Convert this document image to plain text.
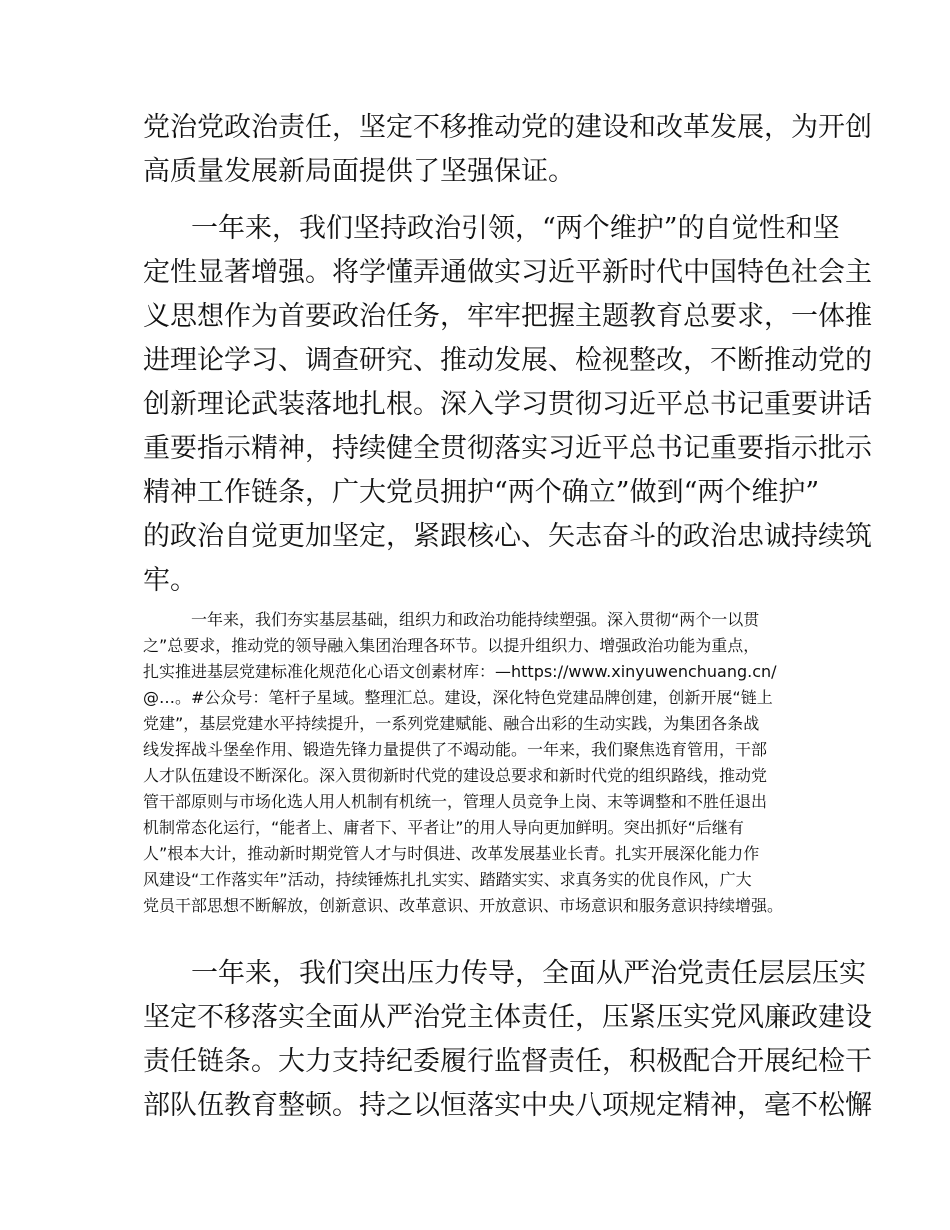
党治党政治责任，坚定不移推动党的建设和改革发展，为开创
高质量发展新局面提供了坚强保证。
一年来，我们坚持政治引领，“两个维护”的自觉性和坚
定性显著增强。将学懂弄通做实习近平新时代中国特色社会主
义思想作为首要政治任务，牢牢把握主题教育总要求，一体推
进理论学习、调查研究、推动发展、检视整改，不断推动党的
创新理论武装落地扎根。深入学习贯彻习近平总书记重要讲话
重要指示精神，持续健全贯彻落实习近平总书记重要指示批示
精神工作链条，广大党员拥护“两个确立”做到“两个维护”
的政治自觉更加坚定，紧跟核心、矢志奋斗的政治忠诚持续筑
牢。
一年来，我们夯实基层基础，组织力和政治功能持续塑强。深入贯彻“两个一以贯
之”总要求，推动党的领导融入集团治理各环节。以提升组织力、增强政治功能为重点，
扎实推进基层党建标准化规范化心语文创素材库：—https://www.xinyuwenchuang.cn/
@…。#公众号：笔杆子星域。整理汇总。建设，深化特色党建品牌创建，创新开展“链上
党建”，基层党建水平持续提升，一系列党建赋能、融合出彩的生动实践，为集团各条战
线发挥战斗堡垒作用、锻造先锋力量提供了不竭动能。一年来，我们聚焦选育管用，干部
人才队伍建设不断深化。深入贯彻新时代党的建设总要求和新时代党的组织路线，推动党
管干部原则与市场化选人用人机制有机统一，管理人员竞争上岗、末等调整和不胜任退出
机制常态化运行，“能者上、庸者下、平者让”的用人导向更加鲜明。突出抓好“后继有
人”根本大计，推动新时期党管人才与时俱进、改革发展基业长青。扎实开展深化能力作
风建设“工作落实年”活动，持续锤炼扎扎实实、踏踏实实、求真务实的优良作风，广大
党员干部思想不断解放，创新意识、改革意识、开放意识、市场意识和服务意识持续增强。
一年来，我们突出压力传导，全面从严治党责任层层压实
坚定不移落实全面从严治党主体责任，压紧压实党风廉政建设
责任链条。大力支持纪委履行监督责任，积极配合开展纪检干
部队伍教育整顿。持之以恒落实中央八项规定精神，毫不松懈
